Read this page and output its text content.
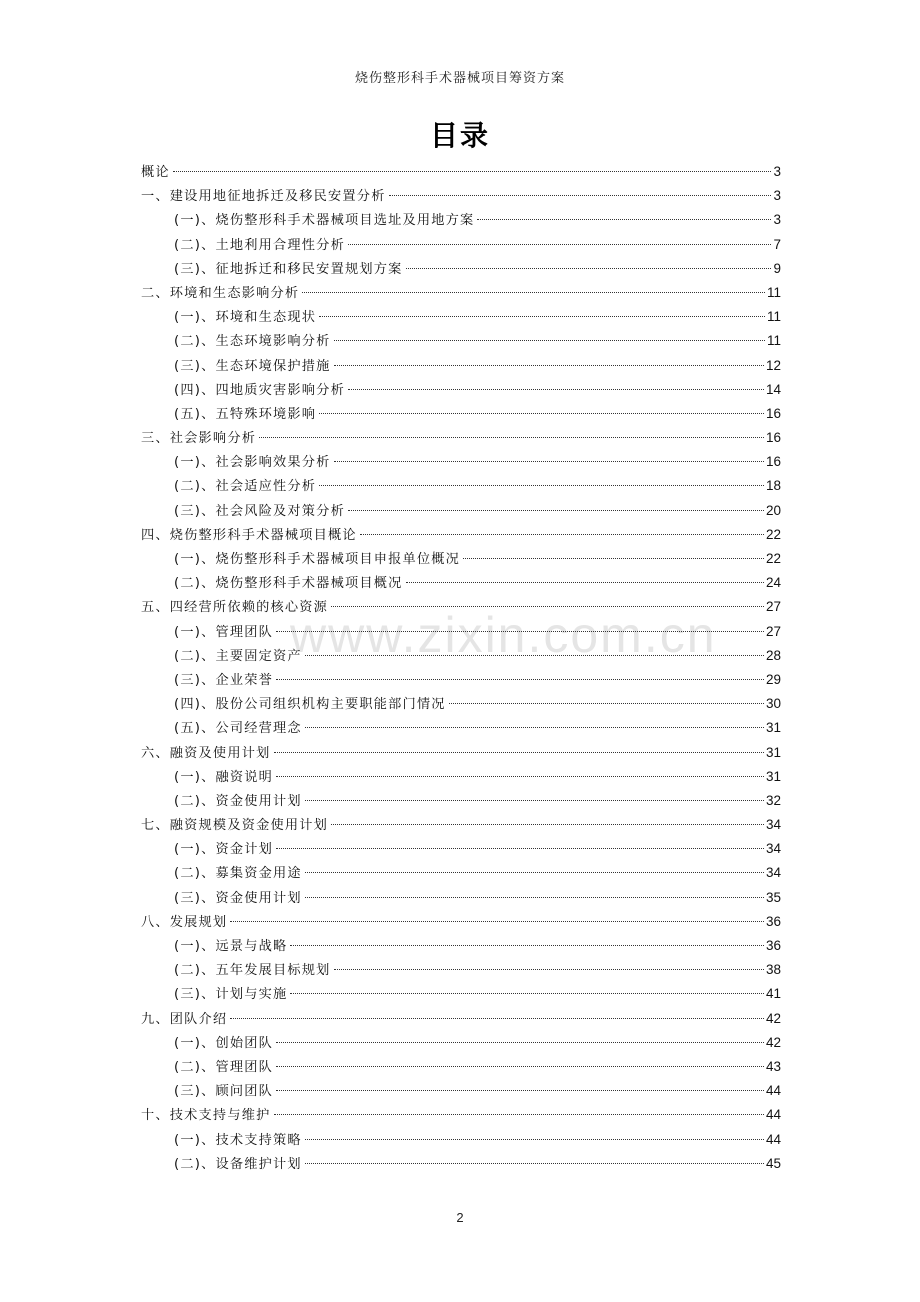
烧伤整形科手术器械项目筹资方案
目录
www.zixin.com.cn
概论	3
一、建设用地征地拆迁及移民安置分析	3
(一)、烧伤整形科手术器械项目选址及用地方案	3
(二)、土地利用合理性分析	7
(三)、征地拆迁和移民安置规划方案	9
二、环境和生态影响分析	11
(一)、环境和生态现状	11
(二)、生态环境影响分析	11
(三)、生态环境保护措施	12
(四)、四地质灾害影响分析	14
(五)、五特殊环境影响	16
三、社会影响分析	16
(一)、社会影响效果分析	16
(二)、社会适应性分析	18
(三)、社会风险及对策分析	20
四、烧伤整形科手术器械项目概论	22
(一)、烧伤整形科手术器械项目申报单位概况	22
(二)、烧伤整形科手术器械项目概况	24
五、四经营所依赖的核心资源	27
(一)、管理团队	27
(二)、主要固定资产	28
(三)、企业荣誉	29
(四)、股份公司组织机构主要职能部门情况	30
(五)、公司经营理念	31
六、融资及使用计划	31
(一)、融资说明	31
(二)、资金使用计划	32
七、融资规模及资金使用计划	34
(一)、资金计划	34
(二)、募集资金用途	34
(三)、资金使用计划	35
八、发展规划	36
(一)、远景与战略	36
(二)、五年发展目标规划	38
(三)、计划与实施	41
九、团队介绍	42
(一)、创始团队	42
(二)、管理团队	43
(三)、顾问团队	44
十、技术支持与维护	44
(一)、技术支持策略	44
(二)、设备维护计划	45
2
